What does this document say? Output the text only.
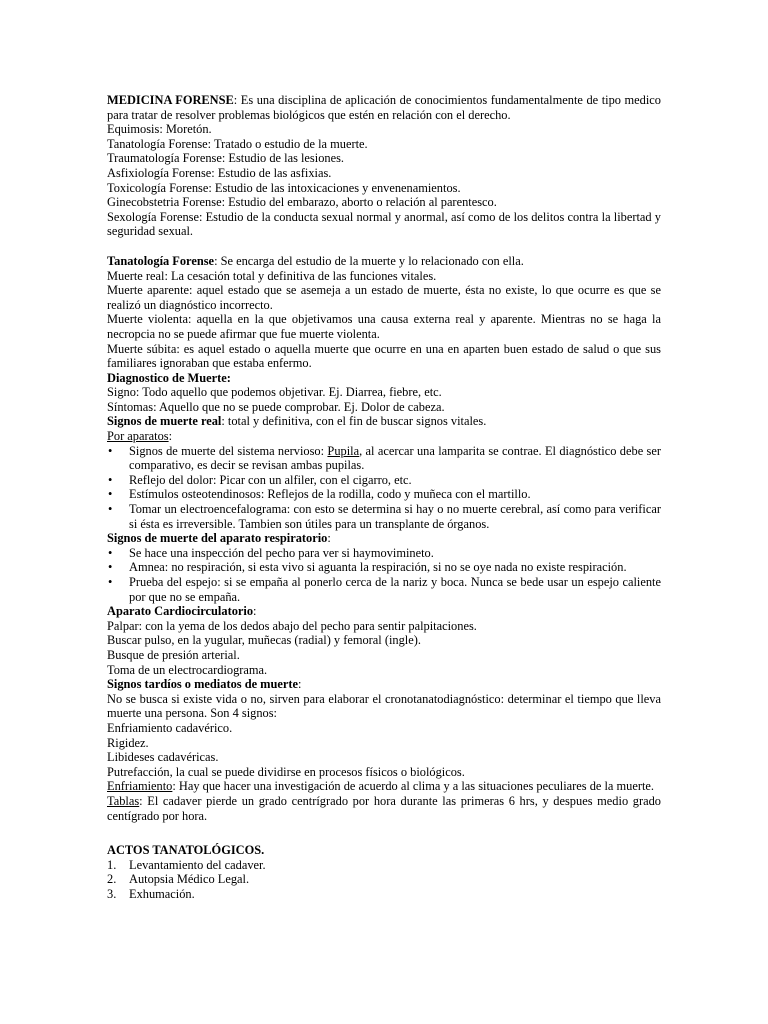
MEDICINA FORENSE: Es una disciplina de aplicación de conocimientos fundamentalmente de tipo medico para tratar de resolver problemas biológicos que estén en relación con el derecho.

Equimosis: Moretón.

Tanatología Forense: Tratado o estudio de la muerte.

Traumatología Forense: Estudio de las lesiones.

Asfixiología Forense: Estudio de las asfixias.

Toxicología Forense: Estudio de las intoxicaciones y envenenamientos.

Ginecobstetria Forense: Estudio del embarazo, aborto o relación al parentesco.

Sexología Forense: Estudio de la conducta sexual normal y anormal, así como de los delitos contra la libertad y seguridad sexual.

Tanatología Forense: Se encarga del estudio de la muerte y lo relacionado con ella.

Muerte real: La cesación total y definitiva de las funciones vitales.

Muerte aparente: aquel estado que se asemeja a un estado de muerte, ésta no existe, lo que ocurre es que se realizó un diagnóstico incorrecto.

Muerte violenta: aquella en la que objetivamos una causa externa real y aparente. Mientras no se haga la necropcia no se puede afirmar que fue muerte violenta.

Muerte súbita: es aquel estado o aquella muerte que ocurre en una en aparten buen estado de salud o que sus familiares ignoraban que estaba enfermo.

Diagnostico de Muerte:

Signo: Todo aquello que podemos objetivar. Ej. Diarrea, fiebre, etc.

Síntomas: Aquello que no se puede comprobar. Ej. Dolor de cabeza.

Signos de muerte real: total y definitiva, con el fin de buscar signos vitales.

Por aparatos:

• Signos de muerte del sistema nervioso: Pupila, al acercar una lamparita se contrae. El diagnóstico debe ser comparativo, es decir se revisan ambas pupilas.

• Reflejo del dolor: Picar con un alfiler, con el cigarro, etc.

• Estímulos osteotendinosos: Reflejos de la rodilla, codo y muñeca con el martillo.

• Tomar un electroencefalograma: con esto se determina si hay o no muerte cerebral, así como para verificar si ésta es irreversible. Tambien son útiles para un transplante de órganos.

Signos de muerte del aparato respiratorio:

• Se hace una inspección del pecho para ver si haymovimineto.

• Amnea: no respiración, si esta vivo si aguanta la respiración, si no se oye nada no existe respiración.

• Prueba del espejo: si se empaña al ponerlo cerca de la nariz y boca. Nunca se bede usar un espejo caliente por que no se empaña.

Aparato Cardiocirculatorio:

Palpar: con la yema de los dedos abajo del pecho para sentir palpitaciones.

Buscar pulso, en la yugular, muñecas (radial) y femoral (ingle).

Busque de presión arterial.

Toma de un electrocardiograma.

Signos tardíos o mediatos de muerte:

No se busca si existe vida o no, sirven para elaborar el cronotanatodiagnóstico: determinar el tiempo que lleva muerte una persona. Son 4 signos:

Enfriamiento cadavérico.

Rigidez.

Libideses cadavéricas.

Putrefacción, la cual se puede dividirse en procesos físicos o biológicos.

Enfriamiento: Hay que hacer una investigación de acuerdo al clima y a las situaciones peculiares de la muerte.

Tablas: El cadaver pierde un grado centrígrado por hora durante las primeras 6 hrs, y despues medio grado centígrado por hora.

ACTOS TANATOLÓGICOS.

1. Levantamiento del cadaver.

2. Autopsia Médico Legal.

3. Exhumación.
